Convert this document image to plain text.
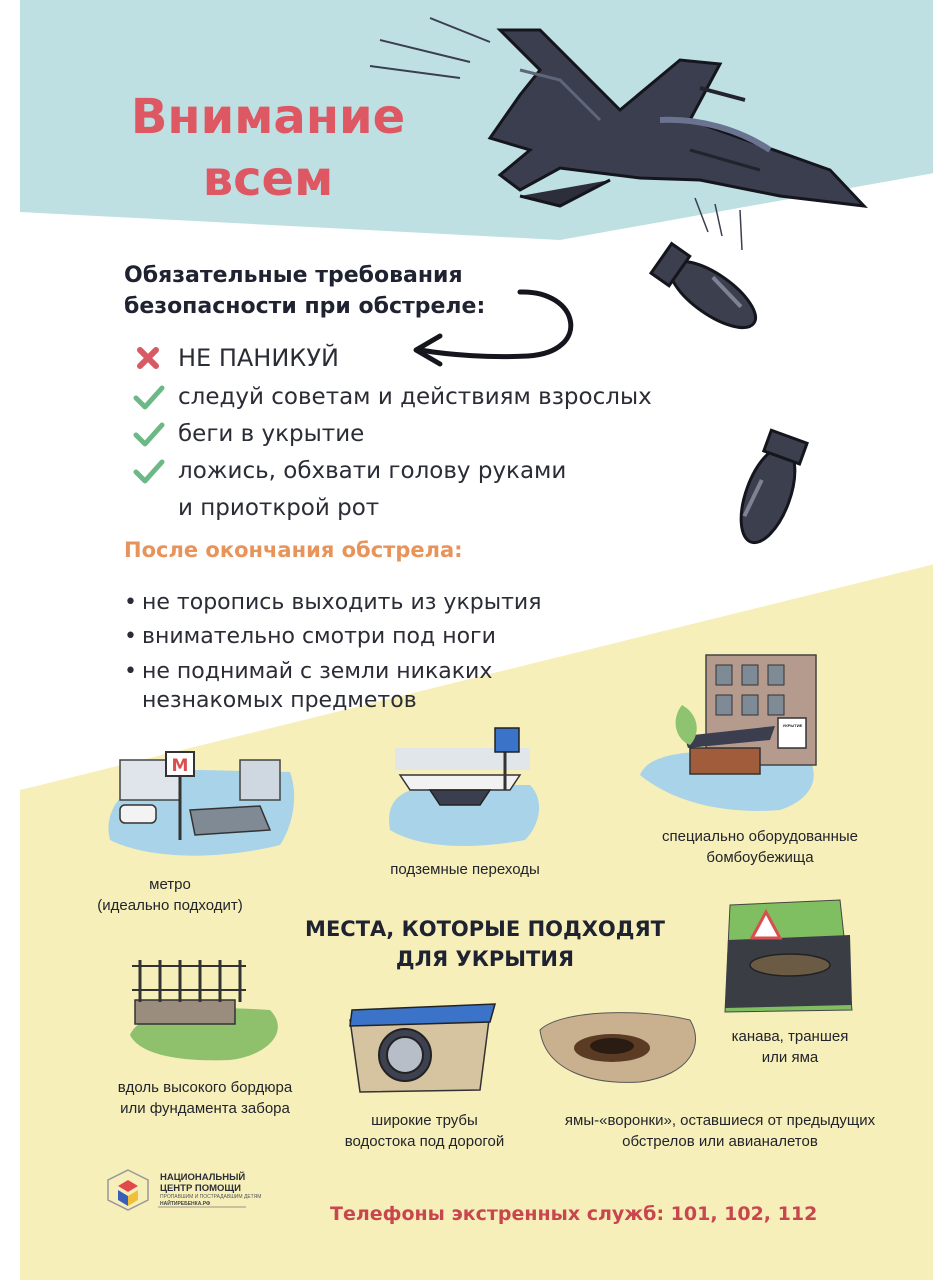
М
Внимание
всем
Обязательные требования
безопасности при обстреле:
НЕ ПАНИКУЙ
следуй советам и действиям взрослых
беги в укрытие
ложись, обхвати голову руками
и приоткрой рот
После окончания обстрела:
• не торопись выходить из укрытия
• внимательно смотри под ноги
• не поднимай с земли никаких
незнакомых предметов
метро
(идеально подходит)
подземные переходы
специально оборудованные
бомбоубежища
МЕСТА, КОТОРЫЕ ПОДХОДЯТ
ДЛЯ УКРЫТИЯ
вдоль высокого бордюра
или фундамента забора
широкие трубы
водостока под дорогой
ямы-«воронки», оставшиеся от предыдущих
обстрелов или авианалетов
канава, траншея
или яма
НАЦИОНАЛЬНЫЙ
ЦЕНТР ПОМОЩИ
ПРОПАВШИМ И ПОСТРАДАВШИМ ДЕТЯМ
НАЙТИРЕБЕНКА.РФ	Телефоны экстренных служб: 101, 102, 112
УКРЫТИЕ
